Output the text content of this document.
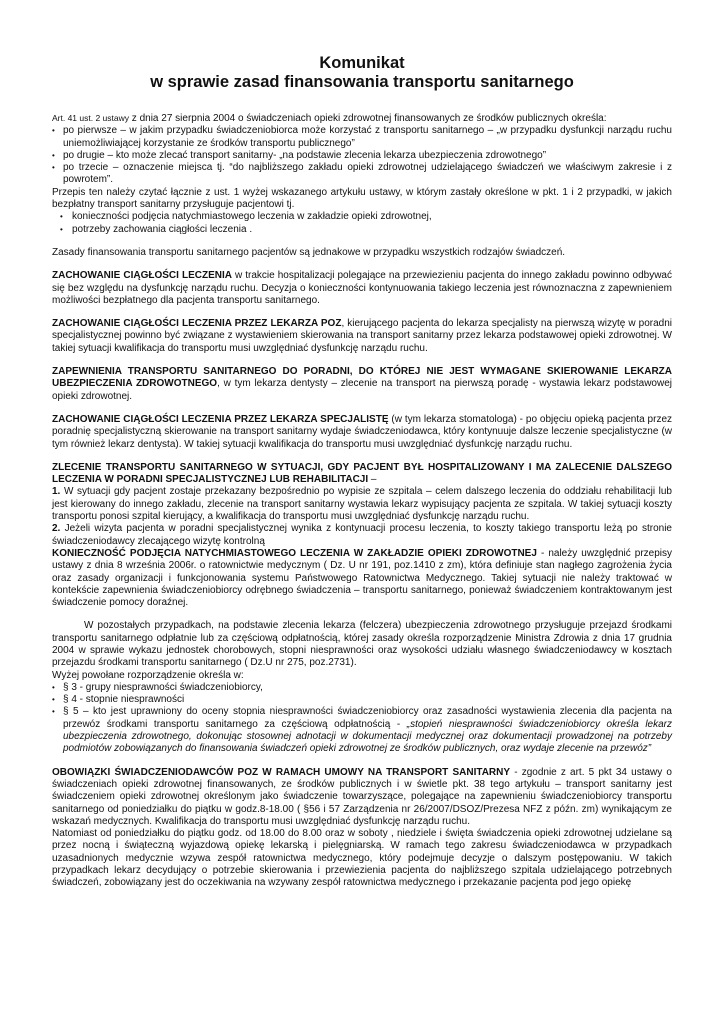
Komunikat
w sprawie zasad finansowania transportu sanitarnego

Art. 41 ust. 2 ustawy z dnia 27 sierpnia 2004 o świadczeniach opieki zdrowotnej finansowanych ze środków publicznych określa:

• po pierwsze – w jakim przypadku świadczeniobiorca może korzystać z transportu sanitarnego – „w przypadku dysfunkcji narządu ruchu uniemożliwiającej korzystanie ze środków transportu publicznego”
• po drugie – kto może zlecać transport sanitarny- „na podstawie zlecenia lekarza ubezpieczenia zdrowotnego”
• po trzecie – oznaczenie miejsca tj. “do najbliższego zakładu opieki zdrowotnej udzielającego świadczeń we właściwym zakresie i z powrotem”.

Przepis ten należy czytać łącznie z ust. 1 wyżej wskazanego artykułu ustawy, w którym zastały określone w pkt. 1 i 2 przypadki, w jakich bezpłatny transport sanitarny przysługuje pacjentowi tj.

• konieczności podjęcia natychmiastowego leczenia w zakładzie opieki zdrowotnej,
• potrzeby zachowania ciągłości leczenia .

Zasady finansowania transportu sanitarnego pacjentów są jednakowe w przypadku wszystkich rodzajów świadczeń.

ZACHOWANIE CIĄGŁOŚCI LECZENIA w trakcie hospitalizacji polegające na przewiezieniu pacjenta do innego zakładu powinno odbywać się bez względu na dysfunkcję narządu ruchu. Decyzja o konieczności kontynuowania takiego leczenia jest równoznaczna z zapewnieniem możliwości bezpłatnego dla pacjenta transportu sanitarnego.

ZACHOWANIE CIĄGŁOŚCI LECZENIA PRZEZ LEKARZA POZ, kierującego pacjenta do lekarza specjalisty na pierwszą wizytę w poradni specjalistycznej powinno być związane z wystawieniem skierowania na transport sanitarny przez lekarza podstawowej opieki zdrowotnej. W takiej sytuacji kwalifikacja do transportu musi uwzględniać dysfunkcję narządu ruchu.

ZAPEWNIENIA TRANSPORTU SANITARNEGO DO PORADNI, DO KTÓREJ NIE JEST WYMAGANE SKIEROWANIE LEKARZA UBEZPIECZENIA ZDROWOTNEGO, w tym lekarza dentysty – zlecenie na transport na pierwszą poradę - wystawia lekarz podstawowej opieki zdrowotnej.

ZACHOWANIE CIĄGŁOŚCI LECZENIA PRZEZ LEKARZA SPECJALISTĘ (w tym lekarza stomatologa) - po objęciu opieką pacjenta przez poradnię specjalistyczną skierowanie na transport sanitarny wydaje świadczeniodawca, który kontynuuje dalsze leczenie specjalistyczne (w tym również lekarz dentysta). W takiej sytuacji kwalifikacja do transportu musi uwzględniać dysfunkcję narządu ruchu.

ZLECENIE TRANSPORTU SANITARNEGO W SYTUACJI, GDY PACJENT BYŁ HOSPITALIZOWANY I MA ZALECENIE DALSZEGO LECZENIA W PORADNI SPECJALISTYCZNEJ LUB REHABILITACJI –

1. W sytuacji gdy pacjent zostaje przekazany bezpośrednio po wypisie ze szpitala – celem dalszego leczenia do oddziału rehabilitacji lub jest kierowany do innego zakładu, zlecenie na transport sanitarny wystawia lekarz wypisujący pacjenta ze szpitala. W takiej sytuacji koszty transportu ponosi szpital kierujący, a kwalifikacja do transportu musi uwzględniać dysfunkcję narządu ruchu.

2. Jeżeli wizyta pacjenta w poradni specjalistycznej wynika z kontynuacji procesu leczenia, to koszty takiego transportu leżą po stronie świadczeniodawcy zlecającego wizytę kontrolną

KONIECZNOŚĆ PODJĘCIA NATYCHMIASTOWEGO LECZENIA W ZAKŁADZIE OPIEKI ZDROWOTNEJ - należy uwzględnić przepisy ustawy z dnia 8 września 2006r. o ratownictwie medycznym ( Dz. U nr 191, poz.1410 z zm), która definiuje stan nagłego zagrożenia życia oraz zasady organizacji i funkcjonowania systemu Państwowego Ratownictwa Medycznego. Takiej sytuacji nie należy traktować w kontekście zapewnienia świadczeniobiorcy odrębnego świadczenia – transportu sanitarnego, ponieważ świadczeniem kontraktowanym jest świadczenie pomocy doraźnej.

W pozostałych przypadkach, na podstawie zlecenia lekarza (felczera) ubezpieczenia zdrowotnego przysługuje przejazd środkami transportu sanitarnego odpłatnie lub za częściową odpłatnością, której zasady określa rozporządzenie Ministra Zdrowia z dnia 17 grudnia 2004 w sprawie wykazu jednostek chorobowych, stopni niesprawności oraz wysokości udziału własnego świadczeniodawcy w kosztach przejazdu środkami transportu sanitarnego ( Dz.U nr 275, poz.2731).

Wyżej powołane rozporządzenie określa w:

• § 3 - grupy niesprawności świadczeniobiorcy,
• § 4 - stopnie niesprawności
• § 5 – kto jest uprawniony do oceny stopnia niesprawności świadczeniobiorcy oraz zasadności wystawienia zlecenia dla pacjenta na przewóz środkami transportu sanitarnego za częściową odpłatnością - „stopień niesprawności świadczeniobiorcy określa lekarz ubezpieczenia zdrowotnego, dokonując stosownej adnotacji w dokumentacji medycznej oraz dokumentacji prowadzonej na potrzeby podmiotów zobowiązanych do finansowania świadczeń opieki zdrowotnej ze środków publicznych, oraz wydaje zlecenie na przewóz”

OBOWIĄZKI ŚWIADCZENIODAWCÓW POZ W RAMACH UMOWY NA TRANSPORT SANITARNY - zgodnie z art. 5 pkt 34 ustawy o świadczeniach opieki zdrowotnej finansowanych, ze środków publicznych i w świetle pkt. 38 tego artykułu – transport sanitarny jest świadczeniem opieki zdrowotnej określonym jako świadczenie towarzyszące, polegające na zapewnieniu świadczeniobiorcy transportu sanitarnego od poniedziałku do piątku w godz.8-18.00 ( §56 i 57 Zarządzenia nr 26/2007/DSOZ/Prezesa NFZ z późn. zm) wynikającym ze wskazań medycznych. Kwalifikacja do transportu musi uwzględniać dysfunkcję narządu ruchu.

Natomiast od poniedziałku do piątku godz. od 18.00 do 8.00 oraz w soboty , niedziele i święta świadczenia opieki zdrowotnej udzielane są przez nocną i świąteczną wyjazdową opiekę lekarską i pielęgniarską. W ramach tego zakresu świadczeniodawca w przypadkach uzasadnionych medycznie wzywa zespół ratownictwa medycznego, który podejmuje decyzje o dalszym postępowaniu. W takich przypadkach lekarz decydujący o potrzebie skierowania i przewiezienia pacjenta do najbliższego szpitala udzielającego potrzebnych świadczeń, zobowiązany jest do oczekiwania na wzywany zespół ratownictwa medycznego i przekazanie pacjenta pod jego opiekę
